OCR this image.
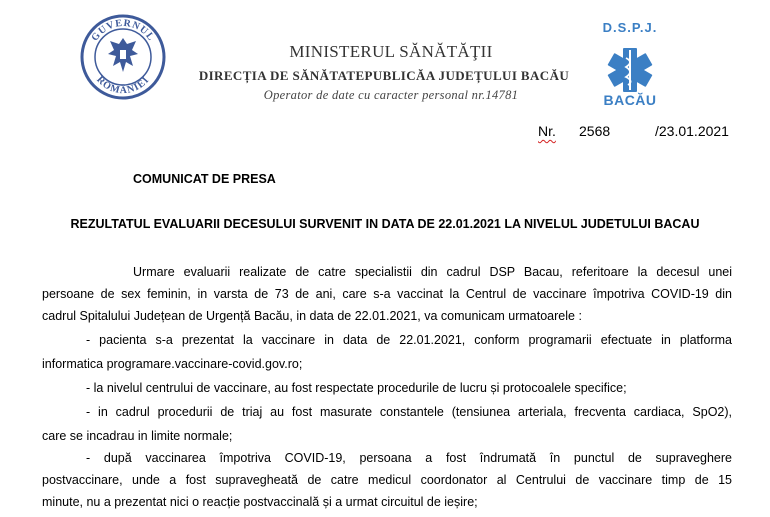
GUVERNUL
ROMÂNIEI
MINISTERUL SĂNĂTĂŢII
DIRECȚIA DE SĂNĂTATEPUBLICĂA JUDEȚULUI BACĂU
Operator de date cu caracter personal nr.14781
D.S.P.J.
BACĂU
Nr. 2568	/23.01.2021
COMUNICAT DE PRESA
REZULTATUL EVALUARII DECESULUI SURVENIT IN DATA DE 22.01.2021 LA NIVELUL JUDETULUI BACAU
Urmare evaluarii realizate de catre specialistii din cadrul DSP Bacau, referitoare la decesul unei
persoane de sex feminin, in varsta de 73 de ani, care s-a vaccinat la Centrul de vaccinare împotriva COVID-19 din
cadrul Spitalului Județean de Urgență Bacău, in data de 22.01.2021, va comunicam urmatoarele :
- pacienta s-a prezentat la vaccinare in data de 22.01.2021, conform programarii efectuate in platforma
informatica programare.vaccinare-covid.gov.ro;
- la nivelul centrului de vaccinare, au fost respectate procedurile de lucru și protocoalele specifice;
- in cadrul procedurii de triaj au fost masurate constantele (tensiunea arteriala, frecventa cardiaca, SpO2),
care se incadrau in limite normale;
- după vaccinarea împotriva COVID-19, persoana a fost îndrumată în punctul de supraveghere
postvaccinare, unde a fost supravegheată de catre medicul coordonator al Centrului de vaccinare timp de 15
minute, nu a prezentat nici o reacție postvaccinală și a urmat circuitul de ieșire;
